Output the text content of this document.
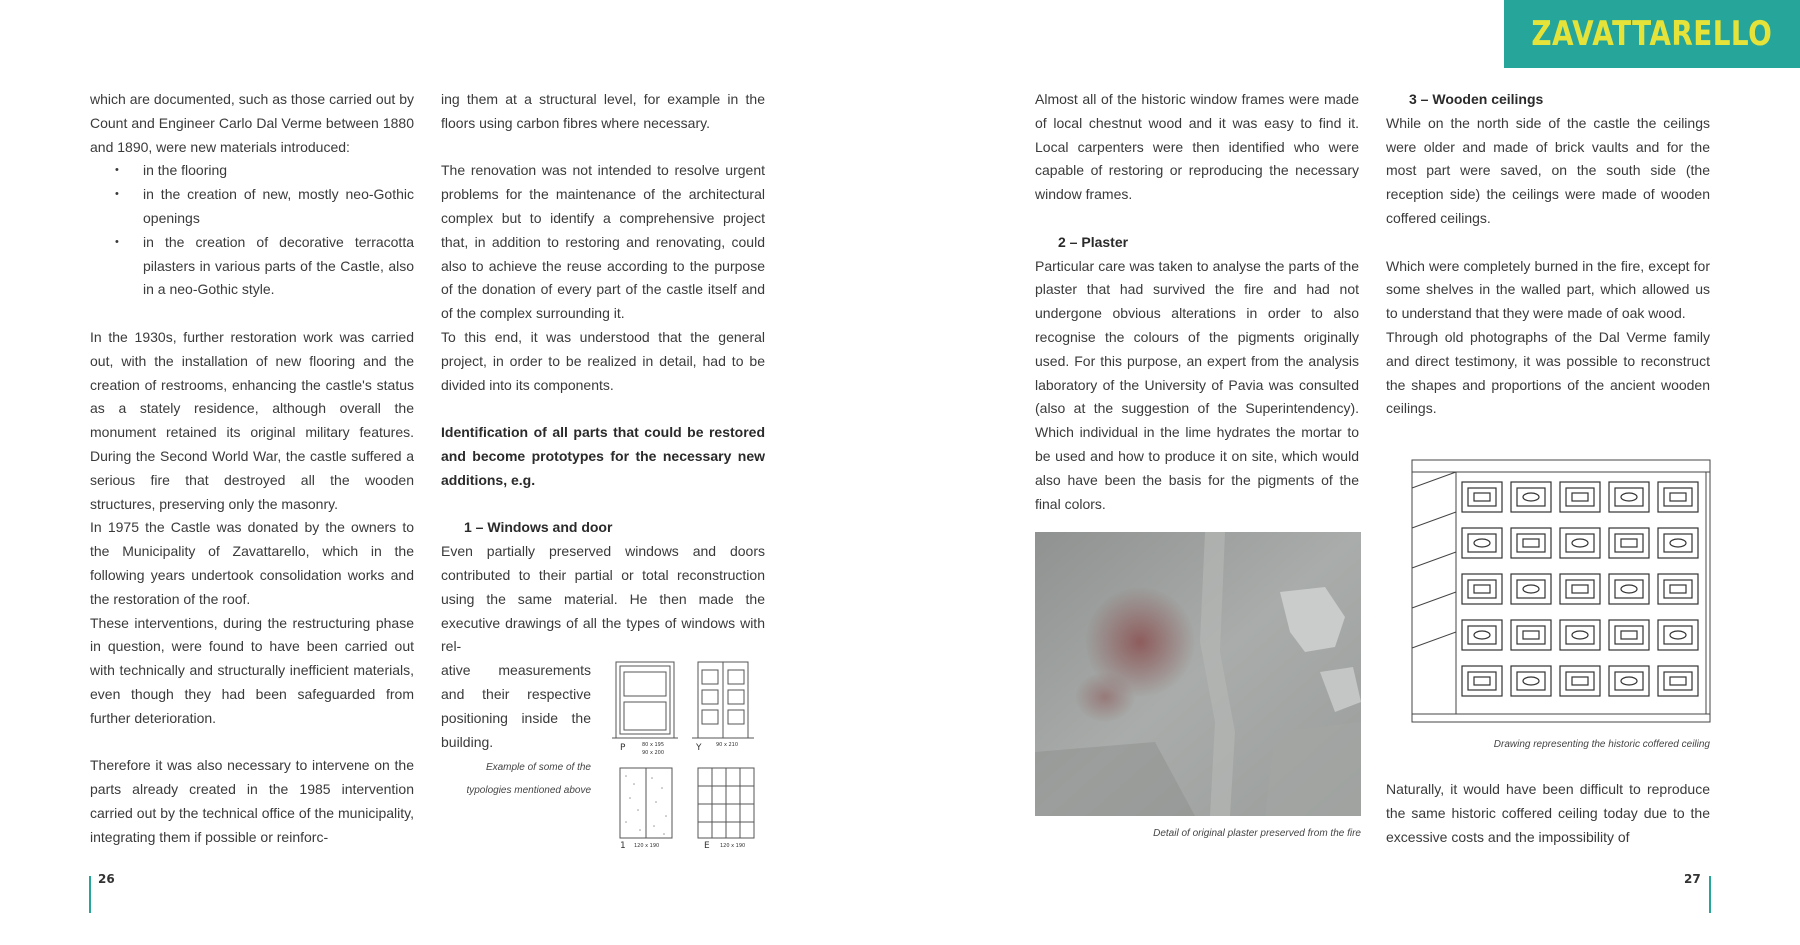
ZAVATTARELLO

which are documented, such as those carried out by Count and Engineer Carlo Dal Verme between 1880 and 1890, were new materials introduced:

• in the flooring
• in the creation of new, mostly neo-Gothic openings
• in the creation of decorative terracotta pilasters in various parts of the Castle, also in a neo-Gothic style.

In the 1930s, further restoration work was carried out, with the installation of new flooring and the creation of restrooms, enhancing the castle's status as a stately residence, although overall the monument retained its original military features. During the Second World War, the castle suffered a serious fire that destroyed all the wooden structures, preserving only the masonry.

In 1975 the Castle was donated by the owners to the Municipality of Zavattarello, which in the following years undertook consolidation works and the restoration of the roof.

These interventions, during the restructuring phase in question, were found to have been carried out with technically and structurally inefficient materials, even though they had been safeguarded from further deterioration.

Therefore it was also necessary to intervene on the parts already created in the 1985 intervention carried out by the technical office of the municipality, integrating them if possible or reinforc-

ing them at a structural level, for example in the floors using carbon fibres where necessary.

The renovation was not intended to resolve urgent problems for the maintenance of the architectural complex but to identify a comprehensive project that, in addition to restoring and renovating, could also to achieve the reuse according to the purpose of the donation of every part of the castle itself and of the complex surrounding it.

To this end, it was understood that the general project, in order to be realized in detail, had to be divided into its components.

Identification of all parts that could be restored and become prototypes for the necessary new additions, e.g.

1 – Windows and door

Even partially preserved windows and doors contributed to their partial or total reconstruction using the same material. He then made the executive drawings of all the types of windows with rel-

ative measurements and their respective positioning inside the building.

Example of some of the typologies mentioned above
P	80 x 195
90 x 200	Y	90 x 210
1 120 x 190	E 120 x 190

Almost all of the historic window frames were made of local chestnut wood and it was easy to find it. Local carpenters were then identified who were capable of restoring or reproducing the necessary window frames.

2 – Plaster

Particular care was taken to analyse the parts of the plaster that had survived the fire and had not undergone obvious alterations in order to also recognise the colours of the pigments originally used. For this purpose, an expert from the analysis laboratory of the University of Pavia was consulted (also at the suggestion of the Superintendency). Which individual in the lime hydrates the mortar to be used and how to produce it on site, which would also have been the basis for the pigments of the final colors.

Detail of original plaster preserved from the fire
3 – Wooden ceilings

While on the north side of the castle the ceilings were older and made of brick vaults and for the most part were saved, on the south side (the reception side) the ceilings were made of wooden coffered ceilings.

Which were completely burned in the fire, except for some shelves in the walled part, which allowed us to understand that they were made of oak wood.

Through old photographs of the Dal Verme family and direct testimony, it was possible to reconstruct the shapes and proportions of the ancient wooden ceilings.

Drawing representing the historic coffered ceiling

Naturally, it would have been difficult to reproduce the same historic coffered ceiling today due to the excessive costs and the impossibility of

26	27
